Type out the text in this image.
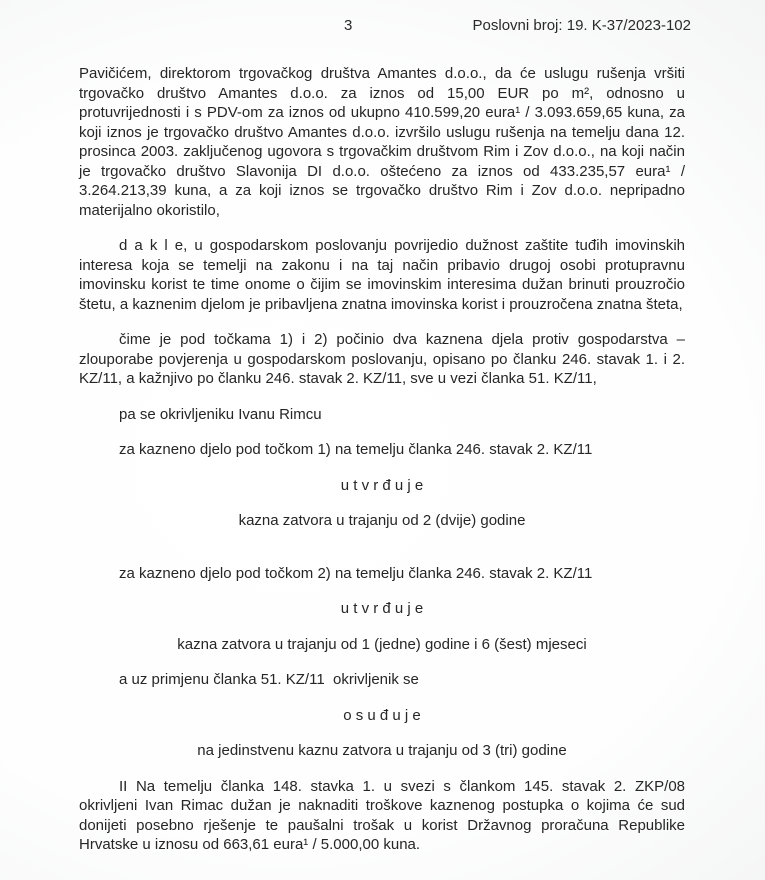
3	Poslovni broj: 19. K-37/2023-102

Pavičićem, direktorom trgovačkog društva Amantes d.o.o., da će uslugu rušenja vršiti trgovačko društvo Amantes d.o.o. za iznos od 15,00 EUR po m², odnosno u protuvrijednosti i s PDV-om za iznos od ukupno 410.599,20 eura¹ / 3.093.659,65 kuna, za koji iznos je trgovačko društvo Amantes d.o.o. izvršilo uslugu rušenja na temelju dana 12. prosinca 2003. zaključenog ugovora s trgovačkim društvom Rim i Zov d.o.o., na koji način je trgovačko društvo Slavonija DI d.o.o. oštećeno za iznos od 433.235,57 eura¹ / 3.264.213,39 kuna, a za koji iznos se trgovačko društvo Rim i Zov d.o.o. nepripadno materijalno okoristilo,

d a k l e, u gospodarskom poslovanju povrijedio dužnost zaštite tuđih imovinskih interesa koja se temelji na zakonu i na taj način pribavio drugoj osobi protupravnu imovinsku korist te time onome o čijim se imovinskim interesima dužan brinuti prouzročio štetu, a kaznenim djelom je pribavljena znatna imovinska korist i prouzročena znatna šteta,

čime je pod točkama 1) i 2) počinio dva kaznena djela protiv gospodarstva – zlouporabe povjerenja u gospodarskom poslovanju, opisano po članku 246. stavak 1. i 2. KZ/11, a kažnjivo po članku 246. stavak 2. KZ/11, sve u vezi članka 51. KZ/11,

pa se okrivljeniku Ivanu Rimcu

za kazneno djelo pod točkom 1) na temelju članka 246. stavak 2. KZ/11

u t v r đ u j e

kazna zatvora u trajanju od 2 (dvije) godine

za kazneno djelo pod točkom 2) na temelju članka 246. stavak 2. KZ/11

u t v r đ u j e

kazna zatvora u trajanju od 1 (jedne) godine i 6 (šest) mjeseci

a uz primjenu članka 51. KZ/11  okrivljenik se

o s u đ u j e

na jedinstvenu kaznu zatvora u trajanju od 3 (tri) godine

II Na temelju članka 148. stavka 1. u svezi s člankom 145. stavak 2. ZKP/08 okrivljeni Ivan Rimac dužan je naknaditi troškove kaznenog postupka o kojima će sud donijeti posebno rješenje te paušalni trošak u korist Državnog proračuna Republike Hrvatske u iznosu od 663,61 eura¹ / 5.000,00 kuna.
